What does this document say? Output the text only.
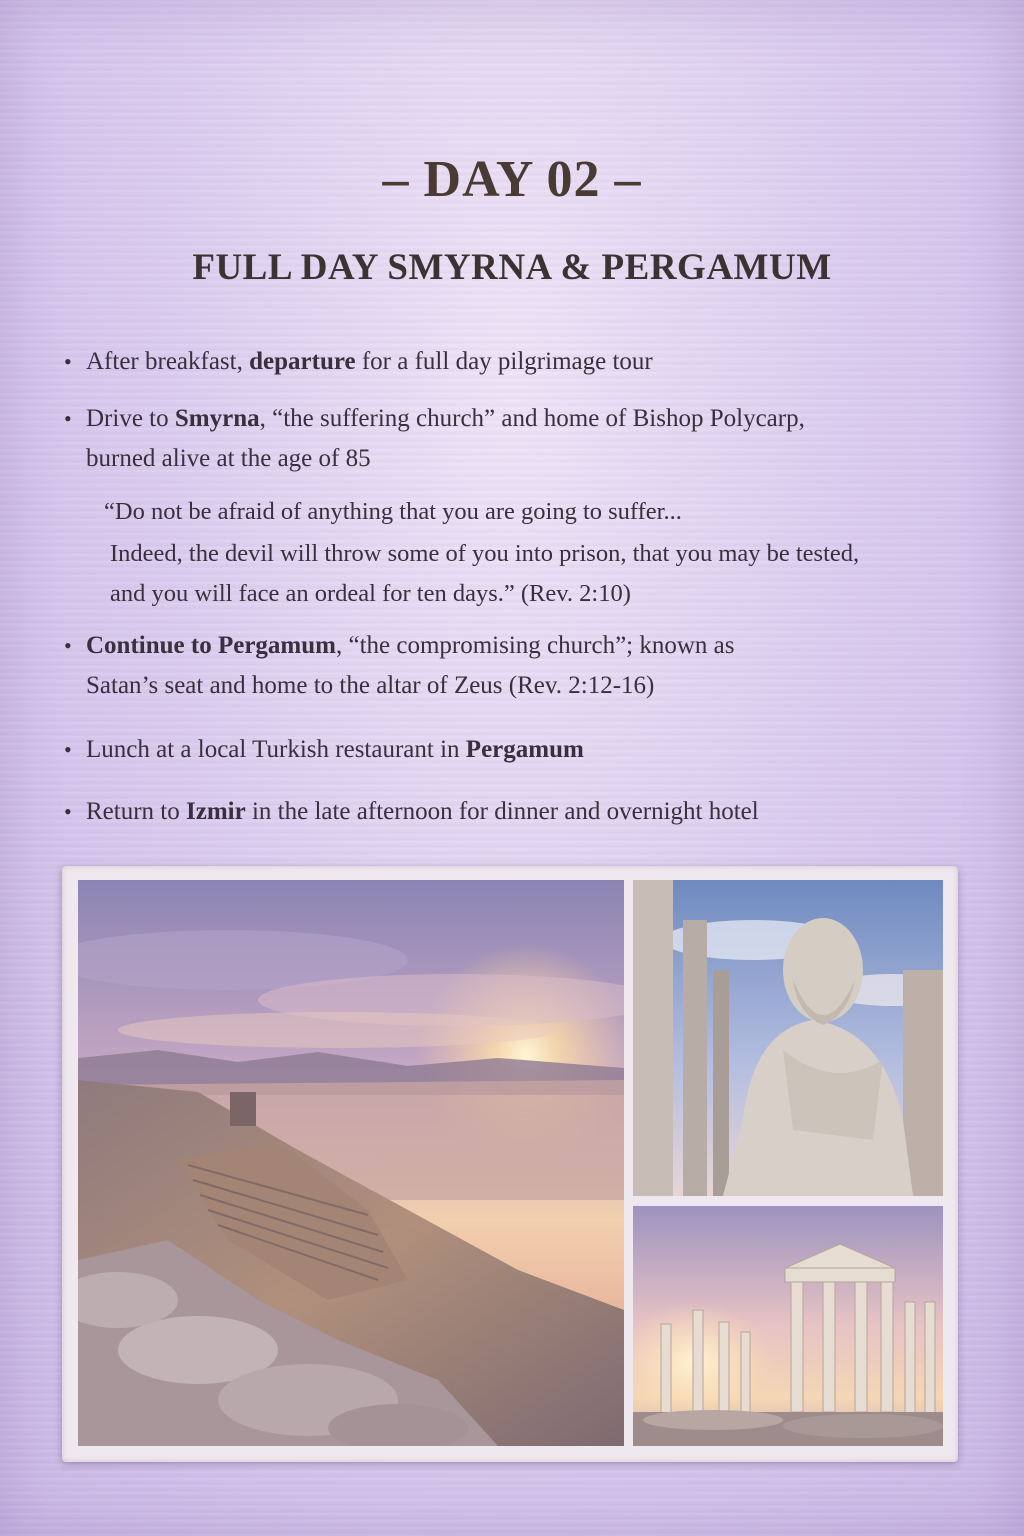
– DAY 02 –
FULL DAY SMYRNA & PERGAMUM
• After breakfast, departure for a full day pilgrimage tour
• Drive to Smyrna, “the suffering church” and home of Bishop Polycarp,
burned alive at the age of 85
“Do not be afraid of anything that you are going to suffer...
Indeed, the devil will throw some of you into prison, that you may be tested,
and you will face an ordeal for ten days.” (Rev. 2:10)
• Continue to Pergamum, “the compromising church”; known as
Satan’s seat and home to the altar of Zeus (Rev. 2:12-16)
• Lunch at a local Turkish restaurant in Pergamum
• Return to Izmir in the late afternoon for dinner and overnight hotel
